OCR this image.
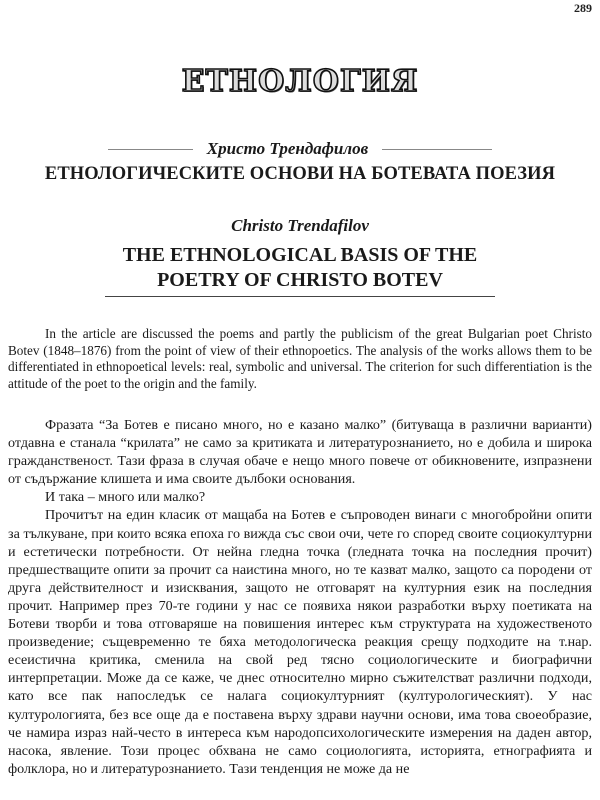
289
ЕТНОЛОГИЯ
Христо Трендафилов
ЕТНОЛОГИЧЕСКИТЕ ОСНОВИ НА БОТЕВАТА ПОЕЗИЯ
Christo Trendafilov
THE ETHNOLOGICAL BASIS OF THE
POETRY OF CHRISTO BOTEV
In the article are discussed the poems and partly the publicism of the great Bulgarian poet Christo Botev (1848–1876) from the point of view of their ethnopoetics. The analysis of the works allows them to be differentiated in ethnopoetical levels: real, symbolic and universal. The criterion for such differentiation is the attitude of the poet to the origin and the family.

Фразата “За Ботев е писано много, но е казано малко” (битуваща в различни варианти) отдавна е станала “крилата” не само за критиката и литературознанието, но е добила и широка гражданственост. Тази фраза в случая обаче е нещо много повече от обикновените, изпразнени от съдържание клишета и има своите дълбоки основания.

И така – много или малко?

Прочитът на един класик от мащаба на Ботев е съпроводен винаги с многобройни опити за тълкуване, при които всяка епоха го вижда със свои очи, чете го според своите социокултурни и естетически потребности. От нейна гледна точка (гледната точка на последния прочит) предшестващите опити за прочит са наистина много, но те казват малко, защото са породени от друга действителност и изисквания, защото не отговарят на културния език на последния прочит. Например през 70-те години у нас се появиха някои разработки върху поетиката на Ботеви творби и това отговаряше на повишения интерес към структурата на художественото произведение; същевременно те бяха методологическа реакция срещу подходите на т.нар. есеистична критика, сменила на свой ред тясно социологическите и биографични интерпретации. Може да се каже, че днес относително мирно съжителстват различни подходи, като все пак напоследък се налага социокултурният (културологическият). У нас културологията, без все още да е поставена върху здрави научни основи, има това своеобразие, че намира израз най-често в интереса към народопсихологическите измерения на даден автор, насока, явление. Този процес обхвана не само социологията, историята, етнографията и фолклора, но и литературознанието. Тази тенденция не може да не
